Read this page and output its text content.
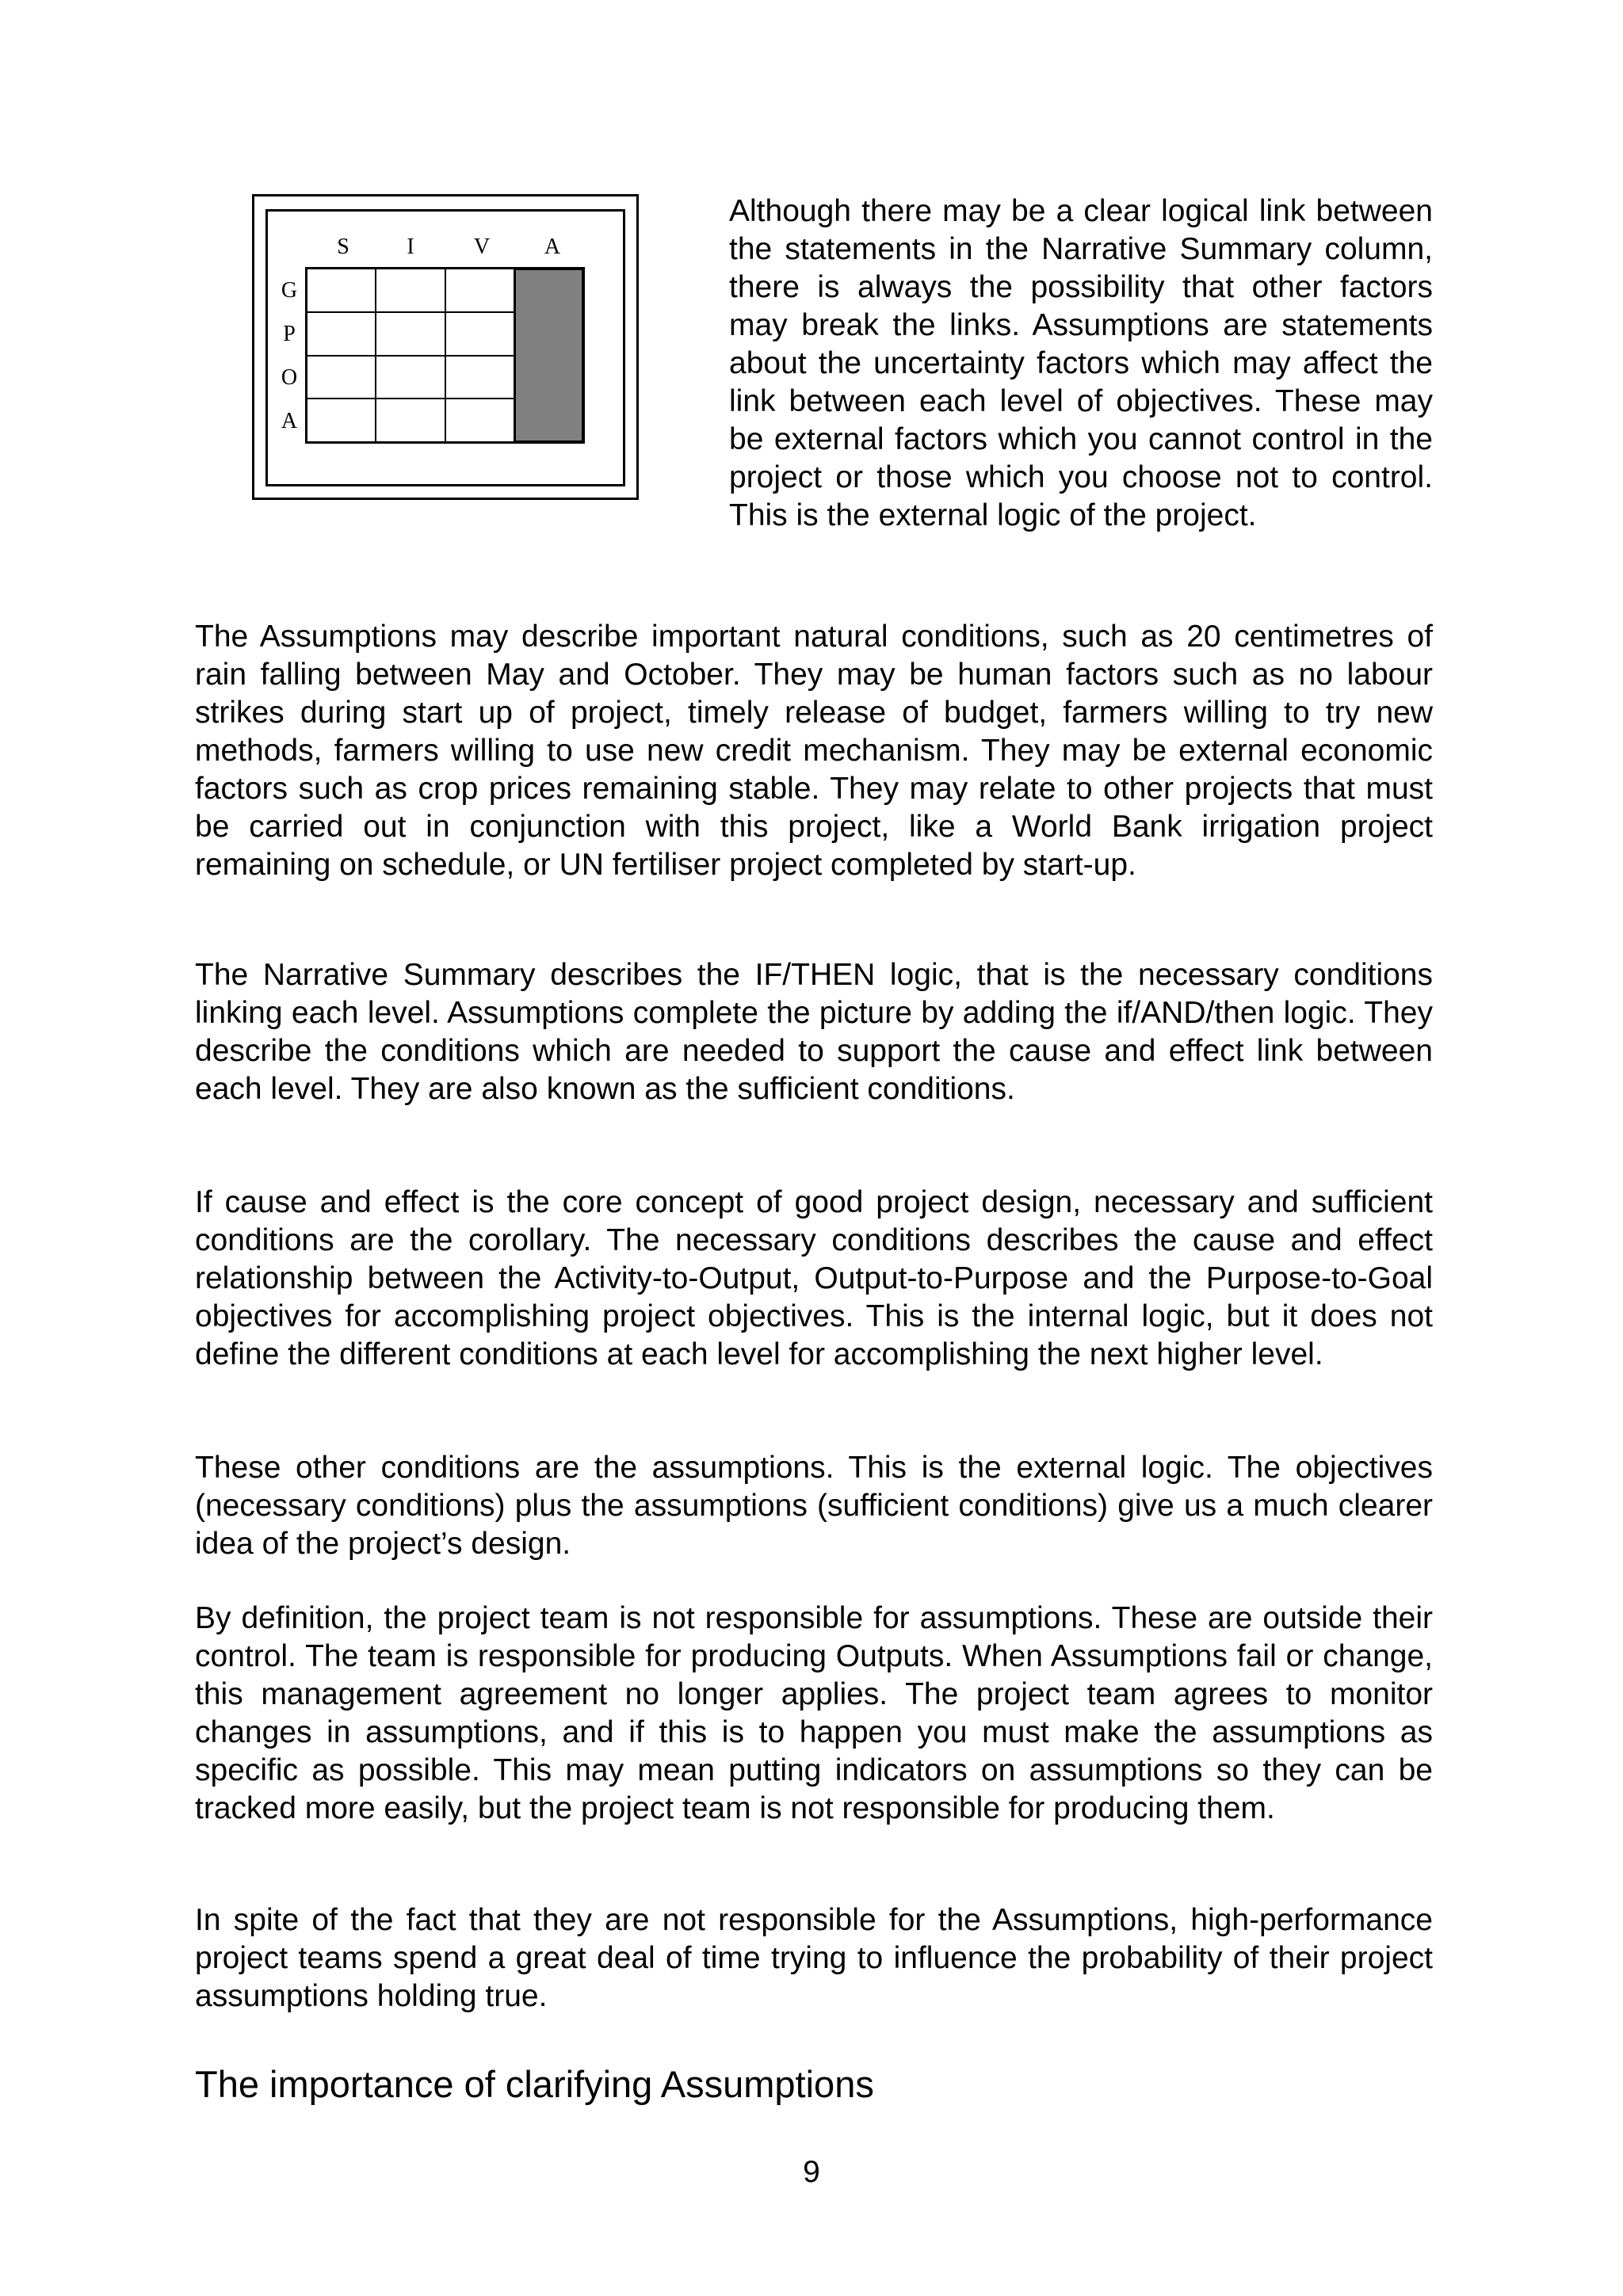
S	I	V A
G
P
O
A

Although there may be a clear logical link between the statements in the Narrative Summary column, there is always the possibility that other factors may break the links. Assumptions are statements about the uncertainty factors which may affect the link between each level of objectives. These may be external factors which you cannot control in the project or those which you choose not to control. This is the external logic of the project.

The Assumptions may describe important natural conditions, such as 20 centimetres of rain falling between May and October. They may be human factors such as no labour strikes during start up of project, timely release of budget, farmers willing to try new methods, farmers willing to use new credit mechanism. They may be external economic factors such as crop prices remaining stable. They may relate to other projects that must be carried out in conjunction with this project, like a World Bank irrigation project remaining on schedule, or UN fertiliser project completed by start-up.

The Narrative Summary describes the IF/THEN logic, that is the necessary conditions linking each level. Assumptions complete the picture by adding the if/AND/then logic. They describe the conditions which are needed to support the cause and effect link between each level. They are also known as the sufficient conditions.

If cause and effect is the core concept of good project design, necessary and sufficient conditions are the corollary. The necessary conditions describes the cause and effect relationship between the Activity-to-Output, Output-to-Purpose and the Purpose-to-Goal objectives for accomplishing project objectives. This is the internal logic, but it does not define the different conditions at each level for accomplishing the next higher level.

These other conditions are the assumptions. This is the external logic. The objectives (necessary conditions) plus the assumptions (sufficient conditions) give us a much clearer idea of the project’s design.

By definition, the project team is not responsible for assumptions. These are outside their control. The team is responsible for producing Outputs. When Assumptions fail or change, this management agreement no longer applies. The project team agrees to monitor changes in assumptions, and if this is to happen you must make the assumptions as specific as possible. This may mean putting indicators on assumptions so they can be tracked more easily, but the project team is not responsible for producing them.

In spite of the fact that they are not responsible for the Assumptions, high-performance project teams spend a great deal of time trying to influence the probability of their project assumptions holding true.

The importance of clarifying Assumptions
9
